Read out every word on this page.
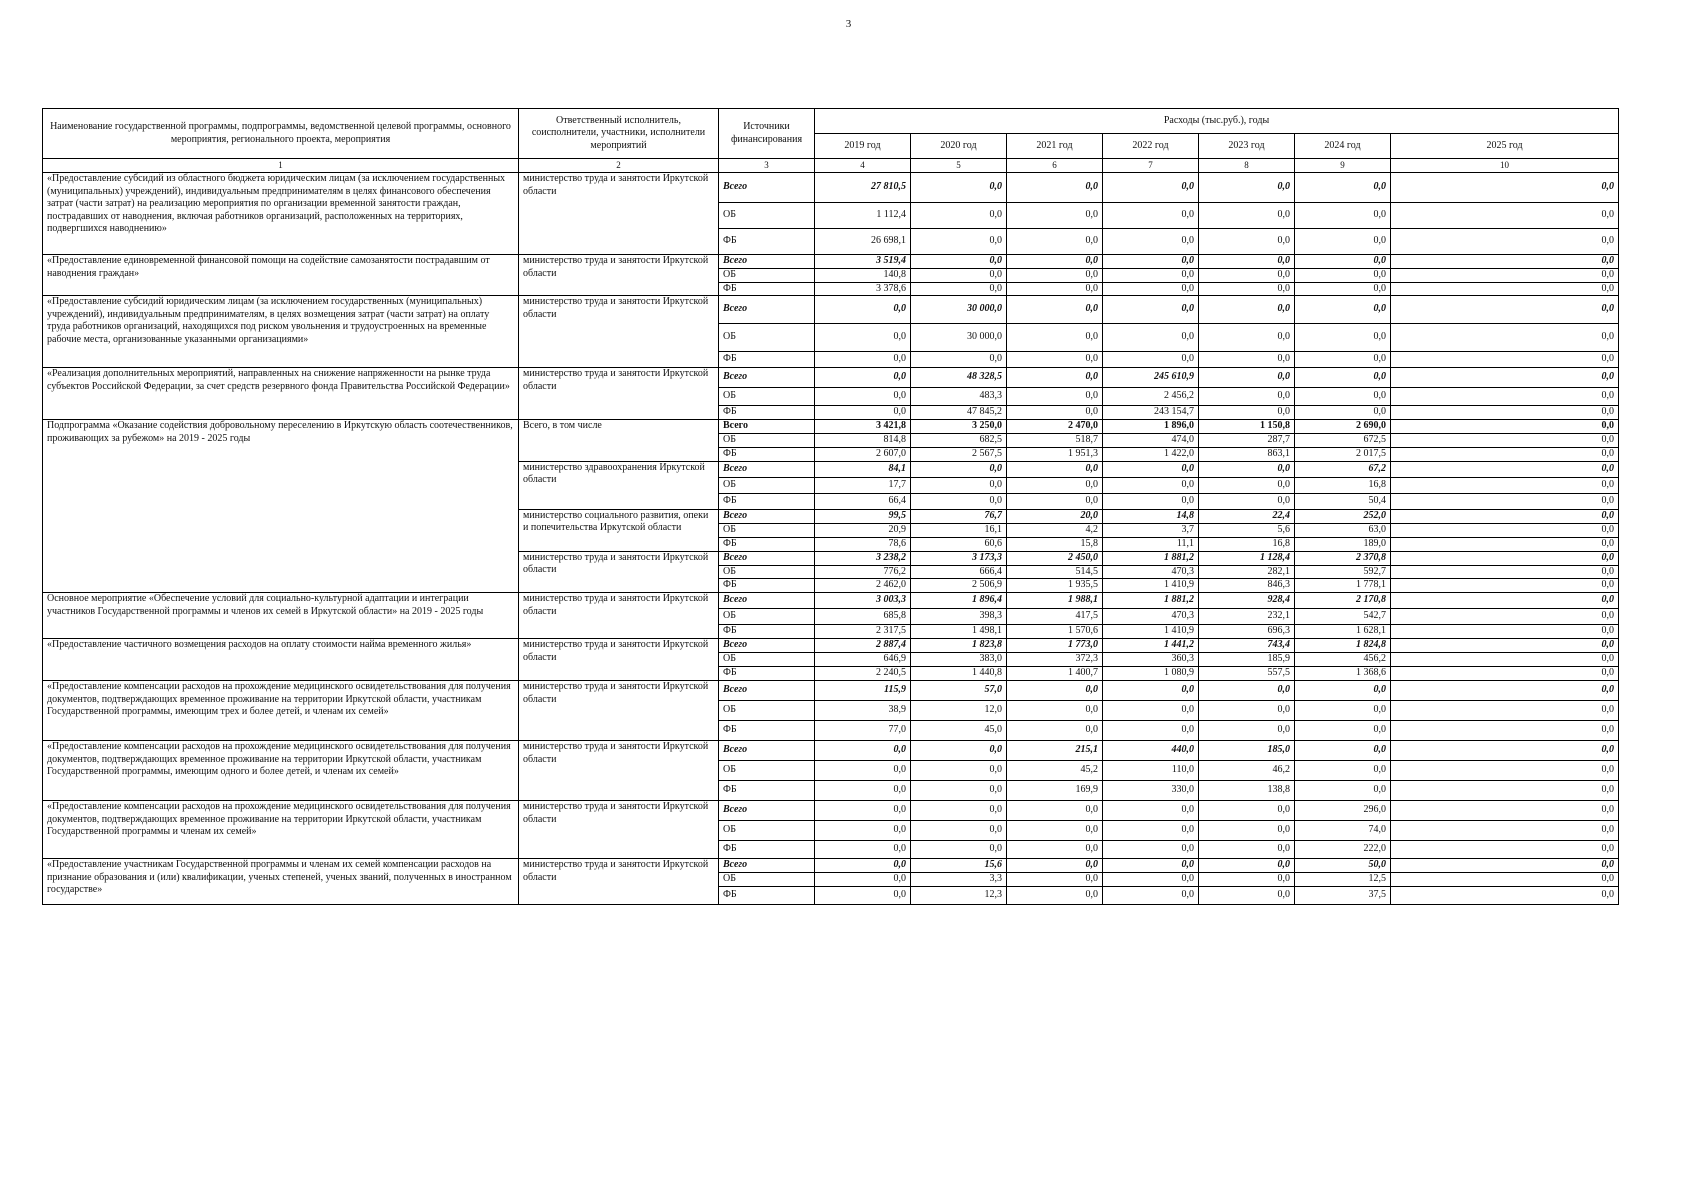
3
Наименование государственной программы, подпрограммы, ведомственной целевой программы, основного мероприятия, регионального проекта, мероприятия	Ответственный исполнитель, соисполнители, участники, исполнители мероприятий	Источники финансирования	Расходы (тыс.руб.), годы						
			2019 год	2020 год	2021 год	2022 год	2023 год	2024 год	2025 год
1	2	3	4	5	6	7	8	9	10
«Предоставление субсидий из областного бюджета юридическим лицам (за исключением государственных (муниципальных) учреждений), индивидуальным предпринимателям в целях финансового обеспечения затрат (части затрат) на реализацию мероприятия по организации временной занятости граждан, пострадавших от наводнения, включая работников организаций, расположенных на территориях, подвергшихся наводнению»	министерство труда и занятости Иркутской области	Всего	27 810,5	0,0	0,0	0,0	0,0	0,0	0,0
		ОБ	1 112,4	0,0	0,0	0,0	0,0	0,0	0,0
		ФБ	26 698,1	0,0	0,0	0,0	0,0	0,0	0,0
«Предоставление единовременной финансовой помощи на содействие самозанятости пострадавшим от наводнения граждан»	министерство труда и занятости Иркутской области	Всего	3 519,4	0,0	0,0	0,0	0,0	0,0	0,0
		ОБ	140,8	0,0	0,0	0,0	0,0	0,0	0,0
		ФБ	3 378,6	0,0	0,0	0,0	0,0	0,0	0,0
«Предоставление субсидий юридическим лицам (за исключением государственных (муниципальных) учреждений), индивидуальным предпринимателям, в целях возмещения затрат (части затрат) на оплату труда работников организаций, находящихся под риском увольнения и трудоустроенных на временные рабочие места, организованные указанными организациями»	министерство труда и занятости Иркутской области	Всего	0,0	30 000,0	0,0	0,0	0,0	0,0	0,0
		ОБ	0,0	30 000,0	0,0	0,0	0,0	0,0	0,0
		ФБ	0,0	0,0	0,0	0,0	0,0	0,0	0,0
«Реализация дополнительных мероприятий, направленных на снижение напряженности на рынке труда субъектов Российской Федерации, за счет средств резервного фонда Правительства Российской Федерации»	министерство труда и занятости Иркутской области	Всего	0,0	48 328,5	0,0	245 610,9	0,0	0,0	0,0
		ОБ	0,0	483,3	0,0	2 456,2	0,0	0,0	0,0
		ФБ	0,0	47 845,2	0,0	243 154,7	0,0	0,0	0,0
Подпрограмма «Оказание содействия добровольному переселению в Иркутскую область соотечественников, проживающих за рубежом» на 2019 - 2025 годы	Всего, в том числе	Всего	3 421,8	3 250,0	2 470,0	1 896,0	1 150,8	2 690,0	0,0
		ОБ	814,8	682,5	518,7	474,0	287,7	672,5	0,0
		ФБ	2 607,0	2 567,5	1 951,3	1 422,0	863,1	2 017,5	0,0
	министерство здравоохранения Иркутской области	Всего	84,1	0,0	0,0	0,0	0,0	67,2	0,0
		ОБ	17,7	0,0	0,0	0,0	0,0	16,8	0,0
		ФБ	66,4	0,0	0,0	0,0	0,0	50,4	0,0
	министерство социального развития, опеки и попечительства Иркутской области	Всего	99,5	76,7	20,0	14,8	22,4	252,0	0,0
		ОБ	20,9	16,1	4,2	3,7	5,6	63,0	0,0
		ФБ	78,6	60,6	15,8	11,1	16,8	189,0	0,0
	министерство труда и занятости Иркутской области	Всего	3 238,2	3 173,3	2 450,0	1 881,2	1 128,4	2 370,8	0,0
		ОБ	776,2	666,4	514,5	470,3	282,1	592,7	0,0
		ФБ	2 462,0	2 506,9	1 935,5	1 410,9	846,3	1 778,1	0,0
Основное мероприятие «Обеспечение условий для социально-культурной адаптации и интеграции участников Государственной программы и членов их семей в Иркутской области» на 2019 - 2025 годы	министерство труда и занятости Иркутской области	Всего	3 003,3	1 896,4	1 988,1	1 881,2	928,4	2 170,8	0,0
		ОБ	685,8	398,3	417,5	470,3	232,1	542,7	0,0
		ФБ	2 317,5	1 498,1	1 570,6	1 410,9	696,3	1 628,1	0,0
«Предоставление частичного возмещения расходов на оплату стоимости найма временного жилья»	министерство труда и занятости Иркутской области	Всего	2 887,4	1 823,8	1 773,0	1 441,2	743,4	1 824,8	0,0
		ОБ	646,9	383,0	372,3	360,3	185,9	456,2	0,0
		ФБ	2 240,5	1 440,8	1 400,7	1 080,9	557,5	1 368,6	0,0
«Предоставление компенсации расходов на прохождение медицинского освидетельствования для получения документов, подтверждающих временное проживание на территории Иркутской области, участникам Государственной программы, имеющим трех и более детей, и членам их семей»	министерство труда и занятости Иркутской области	Всего	115,9	57,0	0,0	0,0	0,0	0,0	0,0
		ОБ	38,9	12,0	0,0	0,0	0,0	0,0	0,0
		ФБ	77,0	45,0	0,0	0,0	0,0	0,0	0,0
«Предоставление компенсации расходов на прохождение медицинского освидетельствования для получения документов, подтверждающих временное проживание на территории Иркутской области, участникам Государственной программы, имеющим одного и более детей, и членам их семей»	министерство труда и занятости Иркутской области	Всего	0,0	0,0	215,1	440,0	185,0	0,0	0,0
		ОБ	0,0	0,0	45,2	110,0	46,2	0,0	0,0
		ФБ	0,0	0,0	169,9	330,0	138,8	0,0	0,0
«Предоставление компенсации расходов на прохождение медицинского освидетельствования для получения документов, подтверждающих временное проживание на территории Иркутской области, участникам Государственной программы и членам их семей»	министерство труда и занятости Иркутской области	Всего	0,0	0,0	0,0	0,0	0,0	296,0	0,0
		ОБ	0,0	0,0	0,0	0,0	0,0	74,0	0,0
		ФБ	0,0	0,0	0,0	0,0	0,0	222,0	0,0
«Предоставление участникам Государственной программы и членам их семей компенсации расходов на признание образования и (или) квалификации, ученых степеней, ученых званий, полученных в иностранном государстве»	министерство труда и занятости Иркутской области	Всего	0,0	15,6	0,0	0,0	0,0	50,0	0,0
		ОБ	0,0	3,3	0,0	0,0	0,0	12,5	0,0
		ФБ	0,0	12,3	0,0	0,0	0,0	37,5	0,0
